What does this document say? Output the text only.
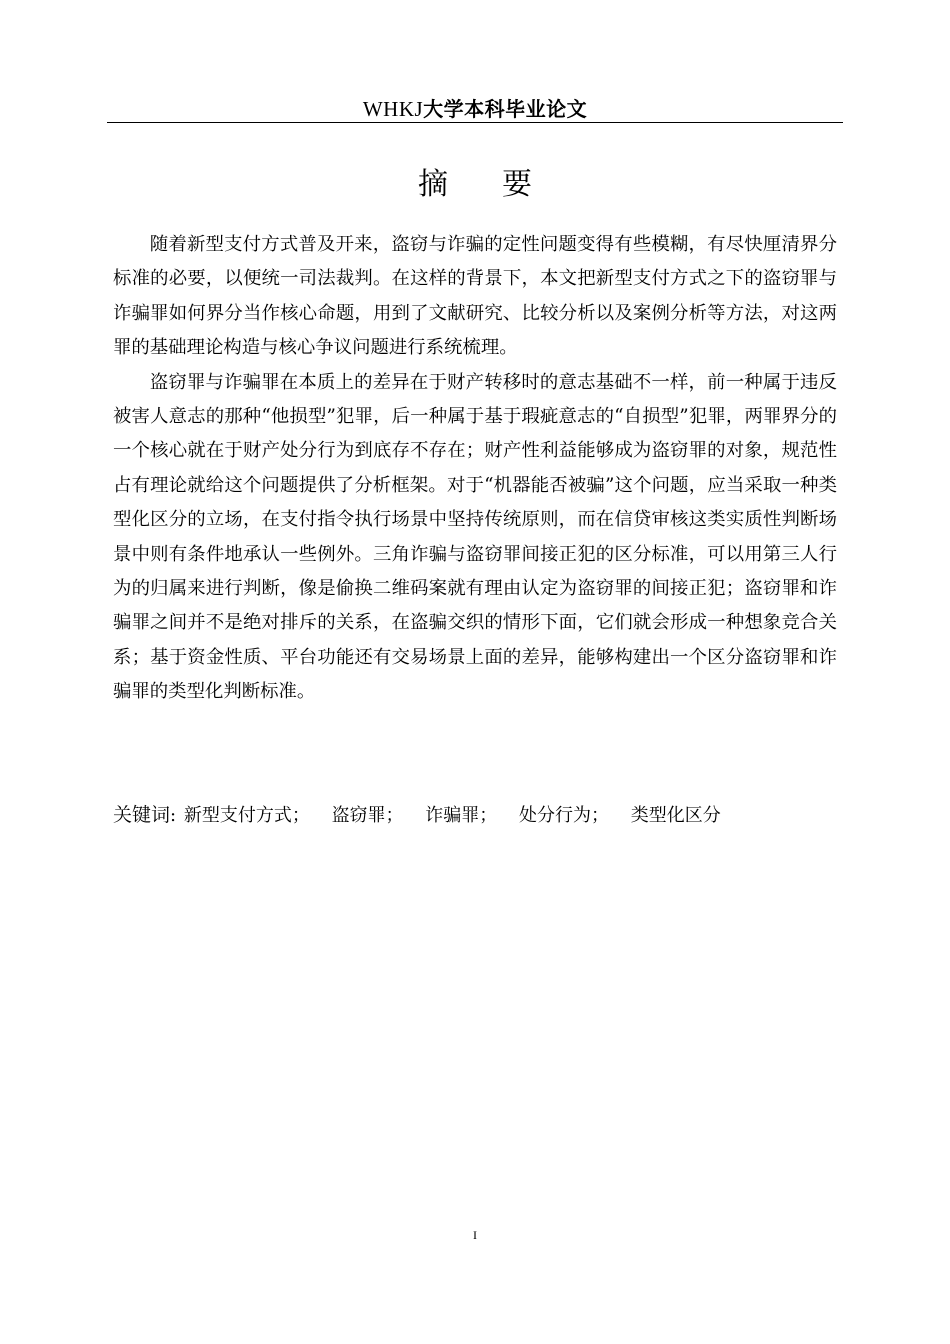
WHKJ大学本科毕业论文
摘 要

随着新型支付方式普及开来，盗窃与诈骗的定性问题变得有些模糊，有尽快厘清界分标准的必要，以便统一司法裁判。在这样的背景下，本文把新型支付方式之下的盗窃罪与诈骗罪如何界分当作核心命题，用到了文献研究、比较分析以及案例分析等方法，对这两罪的基础理论构造与核心争议问题进行系统梳理。

盗窃罪与诈骗罪在本质上的差异在于财产转移时的意志基础不一样，前一种属于违反被害人意志的那种“他损型”犯罪，后一种属于基于瑕疵意志的“自损型”犯罪，两罪界分的一个核心就在于财产处分行为到底存不存在；财产性利益能够成为盗窃罪的对象，规范性占有理论就给这个问题提供了分析框架。对于“机器能否被骗”这个问题，应当采取一种类型化区分的立场，在支付指令执行场景中坚持传统原则，而在信贷审核这类实质性判断场景中则有条件地承认一些例外。三角诈骗与盗窃罪间接正犯的区分标准，可以用第三人行为的归属来进行判断，像是偷换二维码案就有理由认定为盗窃罪的间接正犯；盗窃罪和诈骗罪之间并不是绝对排斥的关系，在盗骗交织的情形下面，它们就会形成一种想象竞合关系；基于资金性质、平台功能还有交易场景上面的差异，能够构建出一个区分盗窃罪和诈骗罪的类型化判断标准。

关键词: 新型支付方式； 盗窃罪； 诈骗罪； 处分行为； 类型化区分
I
